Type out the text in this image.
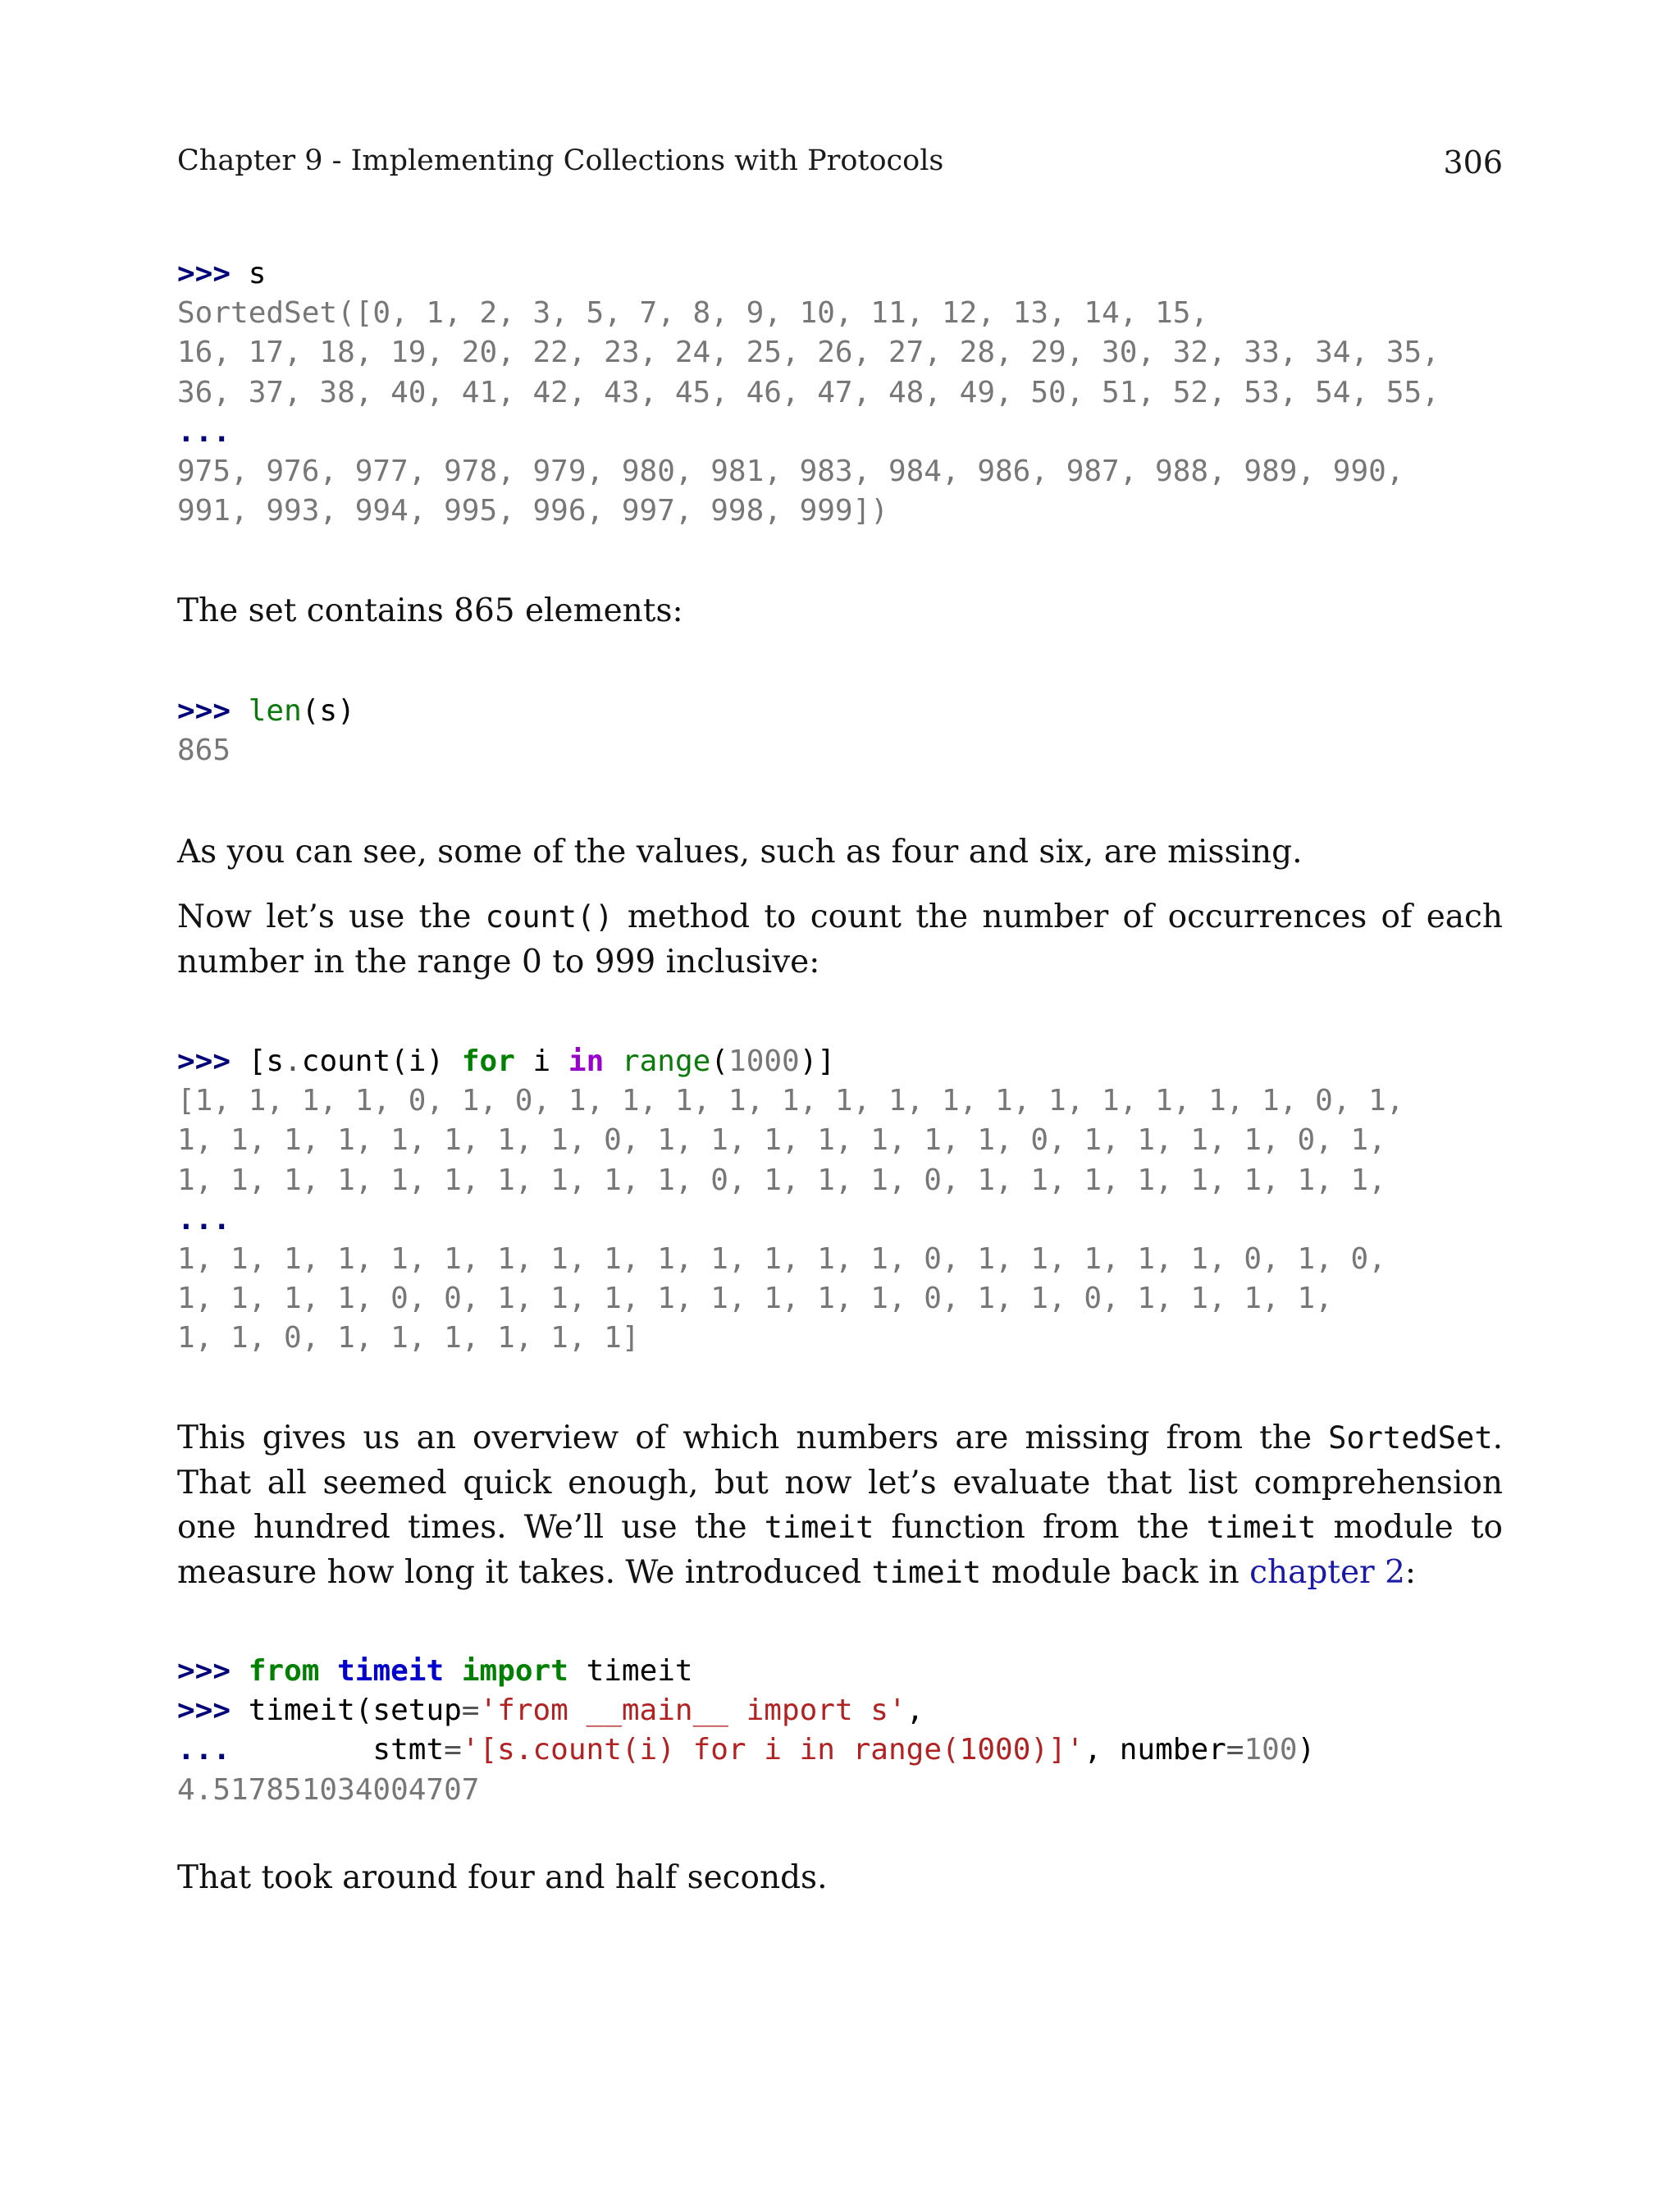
Chapter 9 - Implementing Collections with Protocols	306
>>> s
SortedSet([0, 1, 2, 3, 5, 7, 8, 9, 10, 11, 12, 13, 14, 15,
16, 17, 18, 19, 20, 22, 23, 24, 25, 26, 27, 28, 29, 30, 32, 33, 34, 35,
36, 37, 38, 40, 41, 42, 43, 45, 46, 47, 48, 49, 50, 51, 52, 53, 54, 55,
...
975, 976, 977, 978, 979, 980, 981, 983, 984, 986, 987, 988, 989, 990,
991, 993, 994, 995, 996, 997, 998, 999])

The set contains 865 elements:

>>> len(s)
865

As you can see, some of the values, such as four and six, are missing.

Now let’s use the count() method to count the number of occurrences of each number in the range 0 to 999 inclusive:

>>> [s.count(i) for i in range(1000)]
[1, 1, 1, 1, 0, 1, 0, 1, 1, 1, 1, 1, 1, 1, 1, 1, 1, 1, 1, 1, 1, 0, 1,
1, 1, 1, 1, 1, 1, 1, 1, 0, 1, 1, 1, 1, 1, 1, 1, 0, 1, 1, 1, 1, 0, 1,
1, 1, 1, 1, 1, 1, 1, 1, 1, 1, 0, 1, 1, 1, 0, 1, 1, 1, 1, 1, 1, 1, 1,
...
1, 1, 1, 1, 1, 1, 1, 1, 1, 1, 1, 1, 1, 1, 0, 1, 1, 1, 1, 1, 0, 1, 0,
1, 1, 1, 1, 0, 0, 1, 1, 1, 1, 1, 1, 1, 1, 0, 1, 1, 0, 1, 1, 1, 1,
1, 1, 0, 1, 1, 1, 1, 1, 1]

This gives us an overview of which numbers are missing from the SortedSet. That all seemed quick enough, but now let’s evaluate that list comprehension one hundred times. We’ll use the timeit function from the timeit module to measure how long it takes. We introduced timeit module back in chapter 2:

>>> from timeit import timeit
>>> timeit(setup='from __main__ import s',
...        stmt='[s.count(i) for i in range(1000)]', number=100)
4.517851034004707

That took around four and half seconds.
